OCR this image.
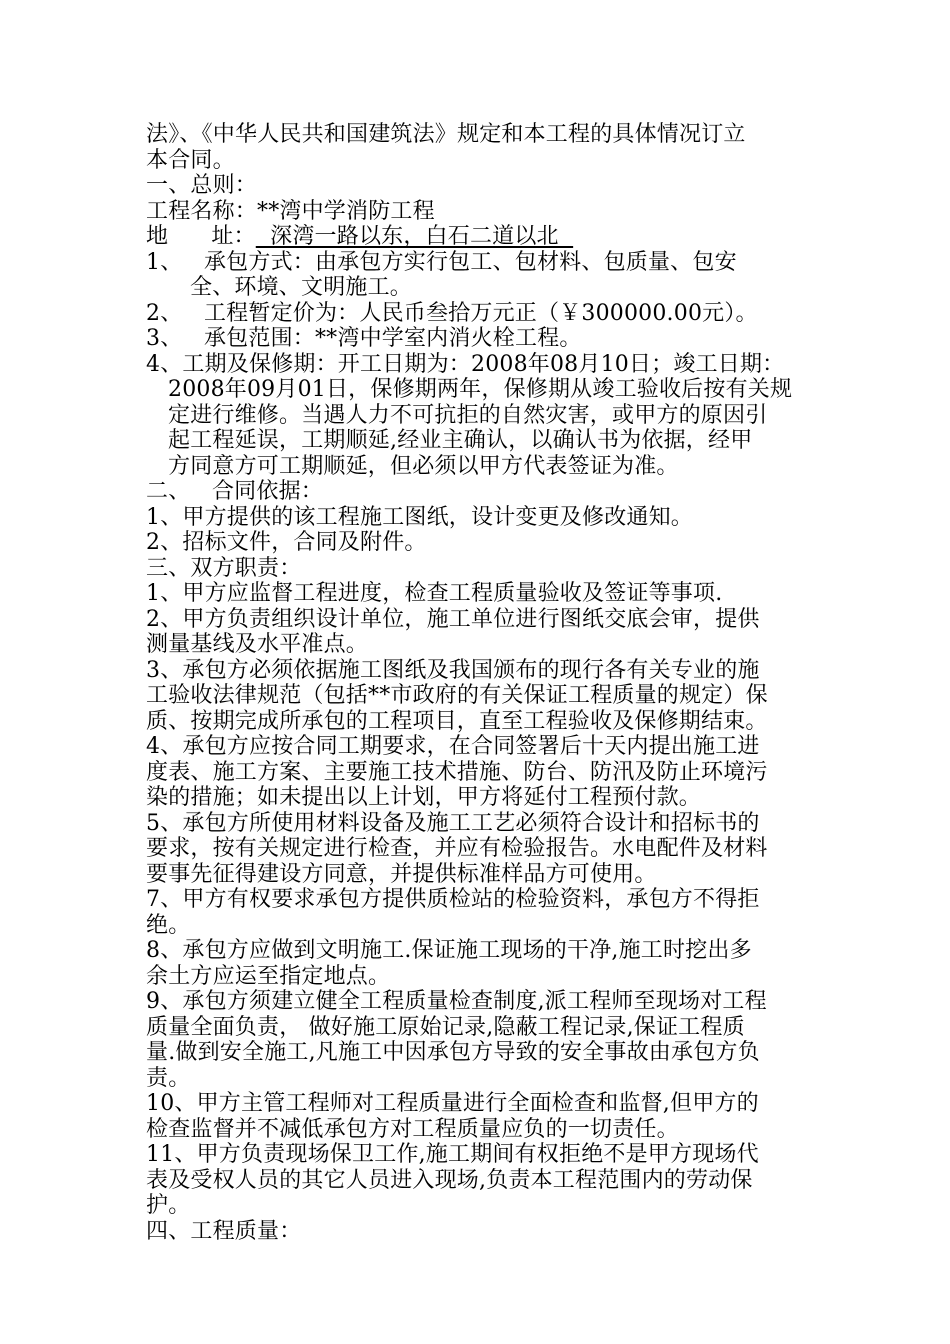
法》、《中华人民共和国建筑法》规定和本工程的具体情况订立
本合同。
一、总则：
工程名称：**湾中学消防工程
地      址：  深湾一路以东，白石二道以北
1、   承包方式：由承包方实行包工、包材料、包质量、包安
全、环境、文明施工。
2、   工程暂定价为：人民币叁拾万元正（￥300000.00元）。
3、   承包范围：**湾中学室内消火栓工程。
4、工期及保修期：开工日期为：2008年08月10日；竣工日期：
2008年09月01日，保修期两年，保修期从竣工验收后按有关规
定进行维修。当遇人力不可抗拒的自然灾害，或甲方的原因引
起工程延误，工期顺延,经业主确认，以确认书为依据，经甲
方同意方可工期顺延，但必须以甲方代表签证为准。
二、   合同依据：
1、甲方提供的该工程施工图纸，设计变更及修改通知。
2、招标文件，合同及附件。
三、双方职责：
1、甲方应监督工程进度，检查工程质量验收及签证等事项.
2、甲方负责组织设计单位，施工单位进行图纸交底会审，提供
测量基线及水平准点。
3、承包方必须依据施工图纸及我国颁布的现行各有关专业的施
工验收法律规范（包括**市政府的有关保证工程质量的规定）保
质、按期完成所承包的工程项目，直至工程验收及保修期结束。
4、承包方应按合同工期要求，在合同签署后十天内提出施工进
度表、施工方案、主要施工技术措施、防台、防汛及防止环境污
染的措施；如未提出以上计划，甲方将延付工程预付款。
5、承包方所使用材料设备及施工工艺必须符合设计和招标书的
要求，按有关规定进行检查，并应有检验报告。水电配件及材料
要事先征得建设方同意，并提供标准样品方可使用。
7、甲方有权要求承包方提供质检站的检验资料，承包方不得拒
绝。
8、承包方应做到文明施工.保证施工现场的干净,施工时挖出多
余土方应运至指定地点。
9、承包方须建立健全工程质量检查制度,派工程师至现场对工程
质量全面负责， 做好施工原始记录,隐蔽工程记录,保证工程质
量.做到安全施工,凡施工中因承包方导致的安全事故由承包方负
责。
10、甲方主管工程师对工程质量进行全面检查和监督,但甲方的
检查监督并不减低承包方对工程质量应负的一切责任。
11、甲方负责现场保卫工作,施工期间有权拒绝不是甲方现场代
表及受权人员的其它人员进入现场,负责本工程范围内的劳动保
护。
四、工程质量：
